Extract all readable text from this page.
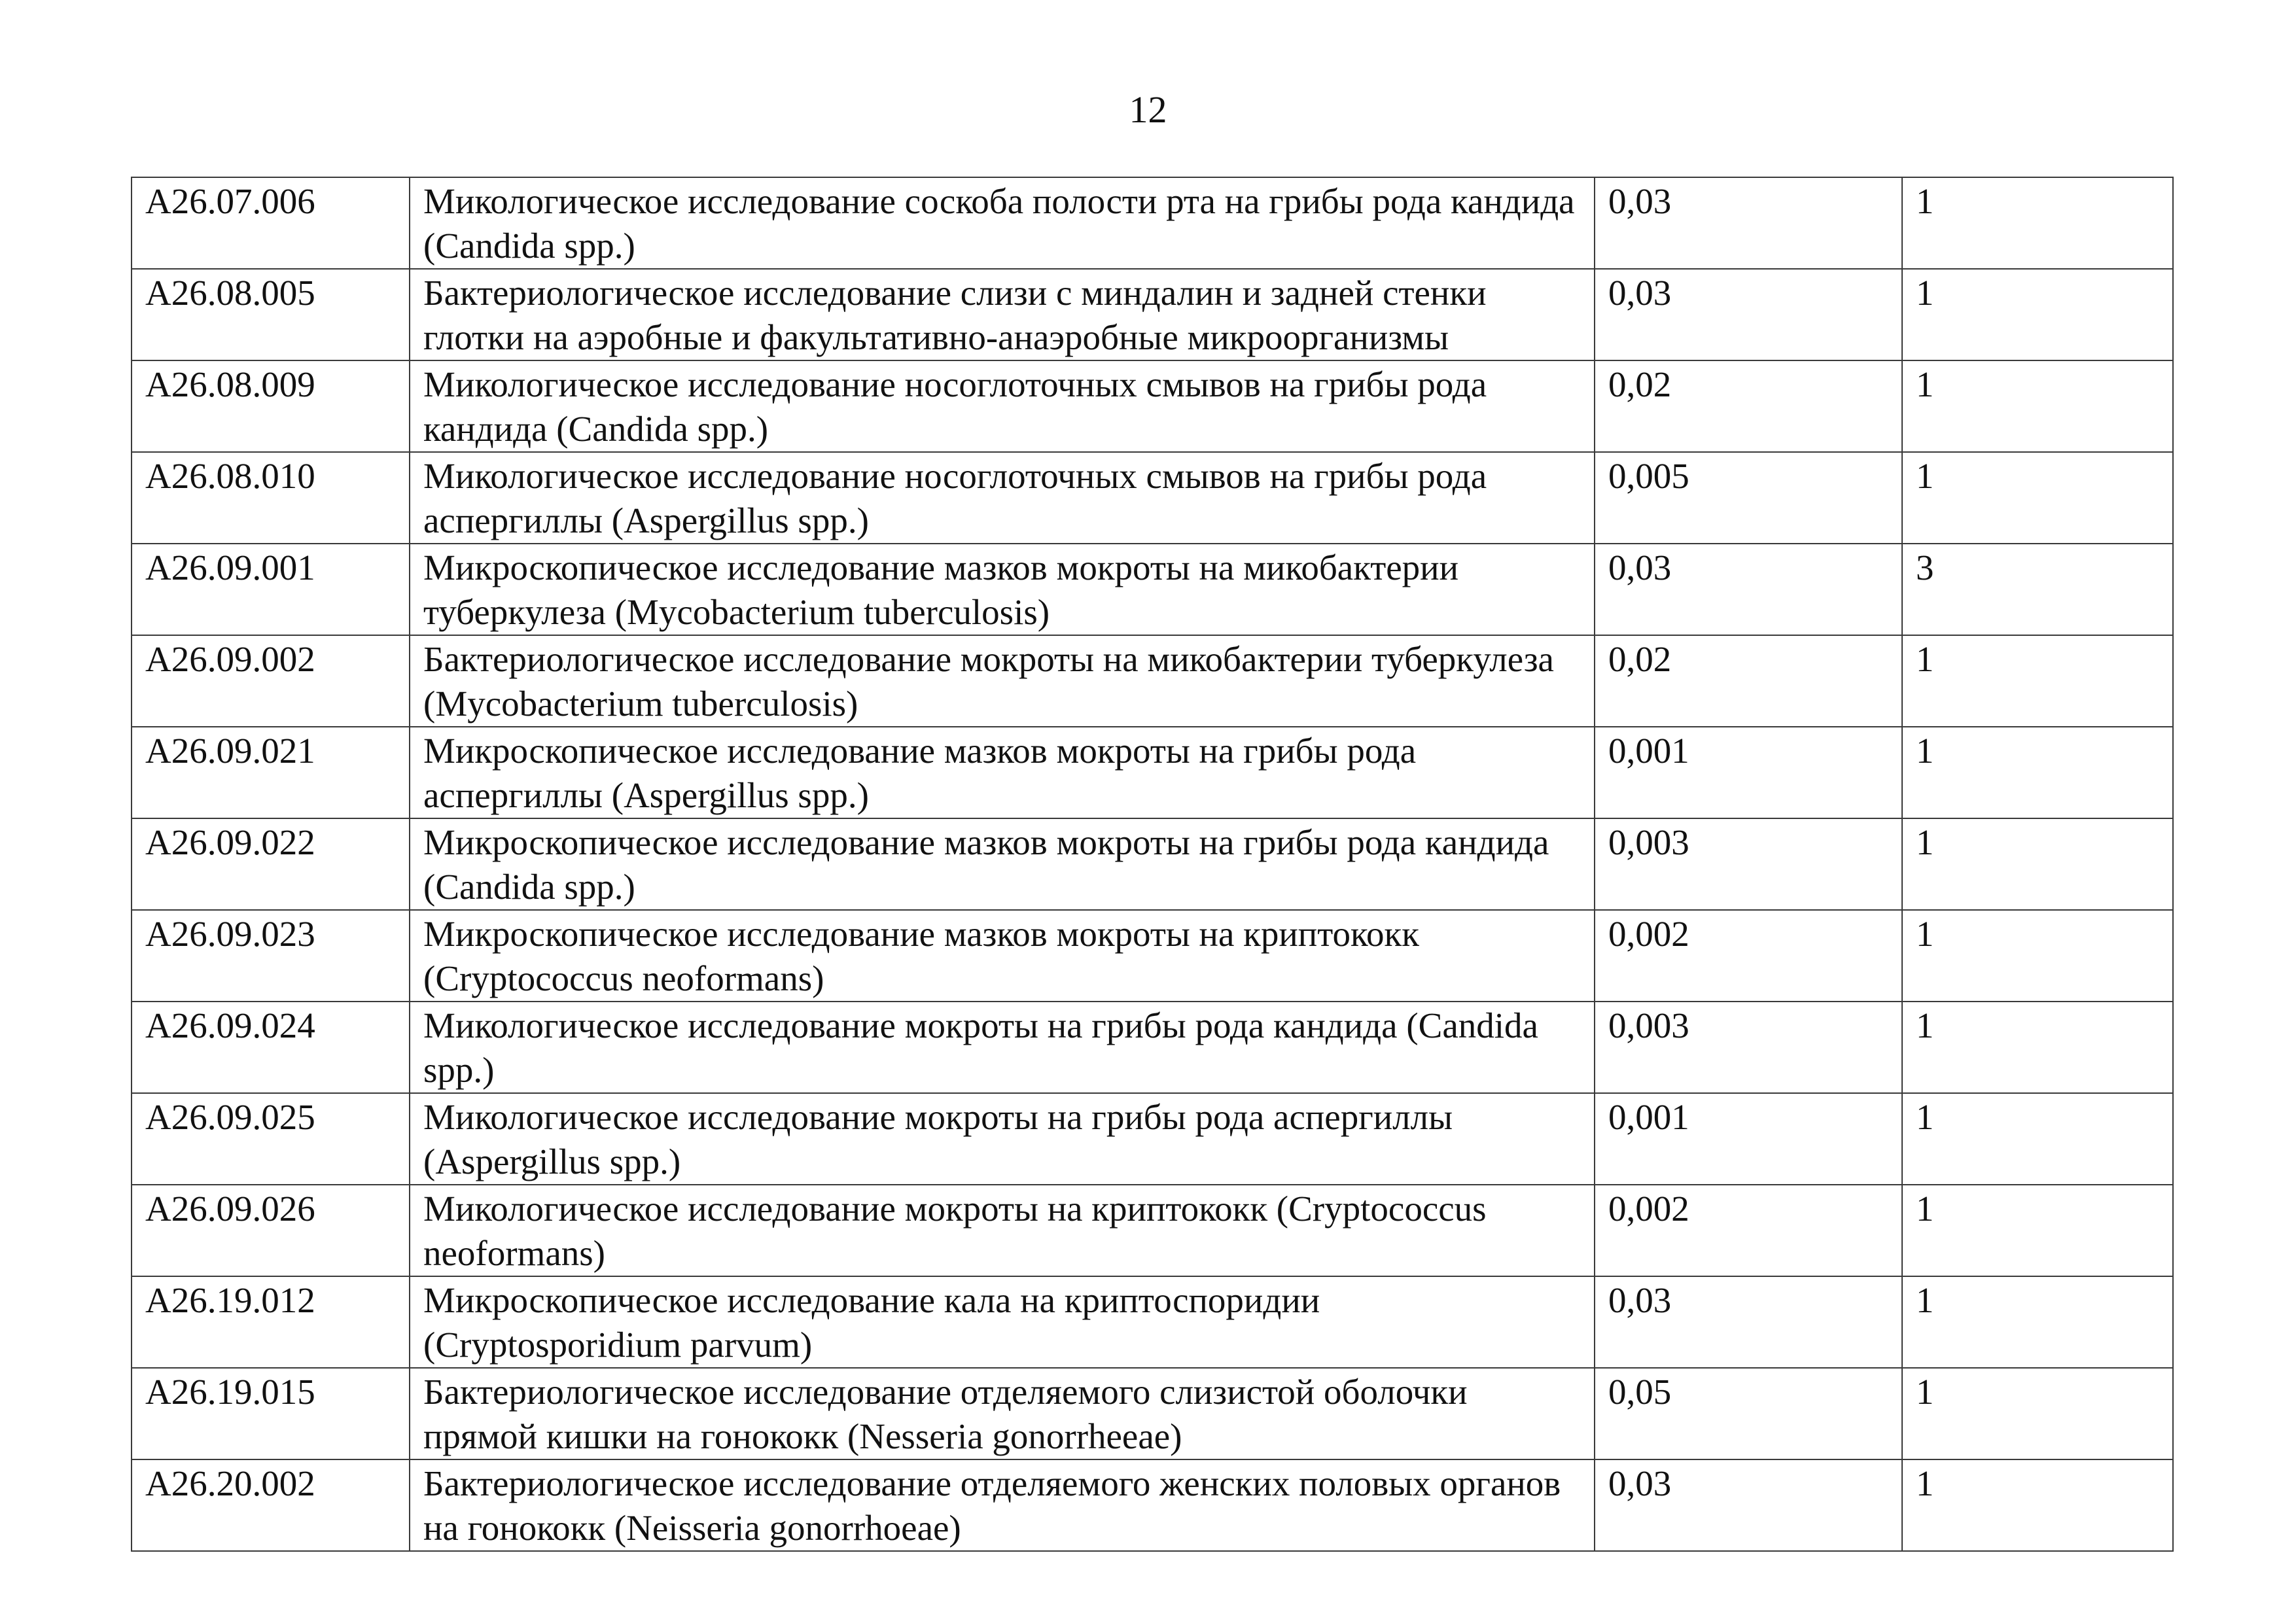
12
A26.07.006	Микологическое исследование соскоба полости рта на грибы рода кандида (Candida spp.)	0,03	1
A26.08.005	Бактериологическое исследование слизи с миндалин и задней стенки глотки на аэробные и факультативно-анаэробные микроорганизмы	0,03	1
A26.08.009	Микологическое исследование носоглоточных смывов на грибы рода кандида (Candida spp.)	0,02	1
A26.08.010	Микологическое исследование носоглоточных смывов на грибы рода аспергиллы (Aspergillus spp.)	0,005	1
A26.09.001	Микроскопическое исследование мазков мокроты на микобактерии туберкулеза (Mycobacterium tuberculosis)	0,03	3
A26.09.002	Бактериологическое исследование мокроты на микобактерии туберкулеза (Mycobacterium tuberculosis)	0,02	1
A26.09.021	Микроскопическое исследование мазков мокроты на грибы рода аспергиллы (Aspergillus spp.)	0,001	1
A26.09.022	Микроскопическое исследование мазков мокроты на грибы рода кандида (Candida spp.)	0,003	1
A26.09.023	Микроскопическое исследование мазков мокроты на криптококк (Cryptococcus neoformans)	0,002	1
A26.09.024	Микологическое исследование мокроты на грибы рода кандида (Candida spp.)	0,003	1
A26.09.025	Микологическое исследование мокроты на грибы рода аспергиллы (Aspergillus spp.)	0,001	1
A26.09.026	Микологическое исследование мокроты на криптококк (Cryptococcus neoformans)	0,002	1
A26.19.012	Микроскопическое исследование кала на криптоспоридии (Cryptosporidium parvum)	0,03	1
A26.19.015	Бактериологическое исследование отделяемого слизистой оболочки прямой кишки на гонококк (Nesseria gonorrheeae)	0,05	1
A26.20.002	Бактериологическое исследование отделяемого женских половых органов на гонококк (Neisseria gonorrhoeae)	0,03	1
